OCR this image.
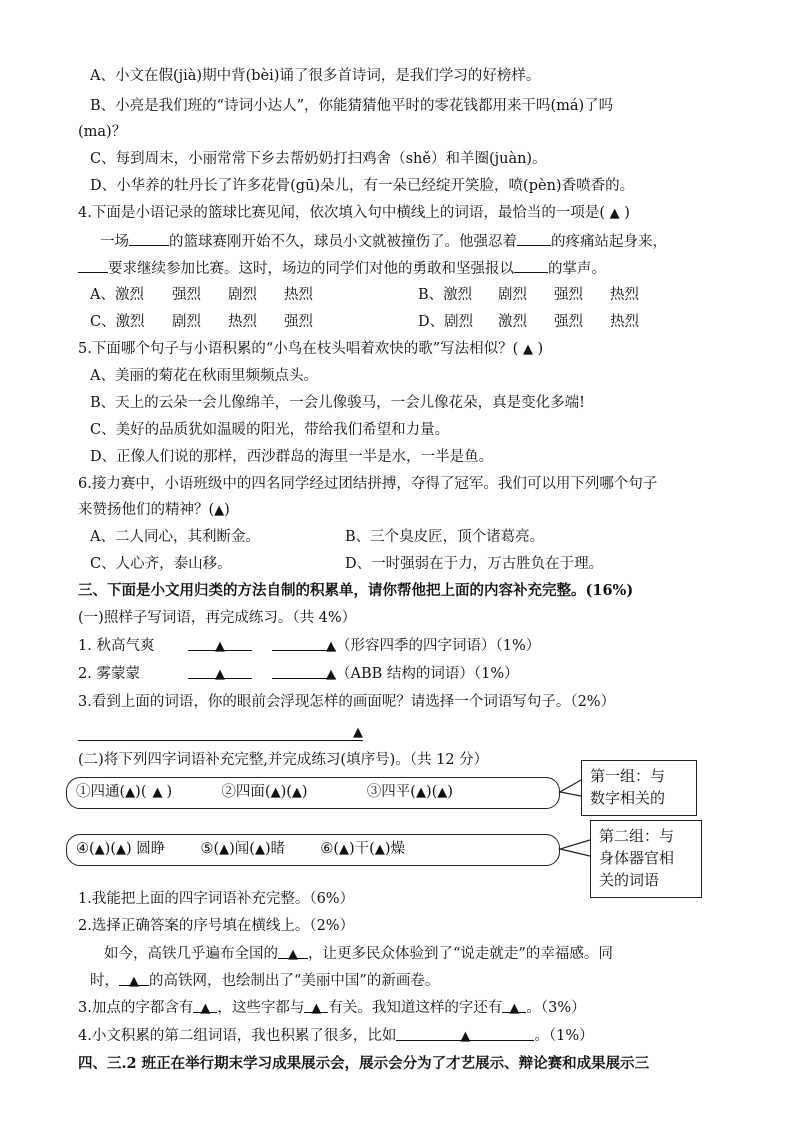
A、小文在假(jià)期中背(bèi)诵了很多首诗词，是我们学习的好榜样。
B、小亮是我们班的“诗词小达人”，你能猜猜他平时的零花钱都用来干吗(má)了吗
(ma)？
C、每到周末，小丽常常下乡去帮奶奶打扫鸡舍（shě）和羊圈(juàn)。
D、小华养的牡丹长了许多花骨(gū)朵儿，有一朵已经绽开笑脸，喷(pèn)香喷香的。
4.下面是小语记录的篮球比赛见闻，依次填入句中横线上的词语，最恰当的一项是( ▲ )
一场	的篮球赛刚开始不久，球员小文就被撞伤了。他强忍着 的疼痛站起身来，
要求继续参加比赛。这时，场边的同学们对他的勇敢和坚强报以 的掌声。
A、激烈 强烈 剧烈 热烈	B、激烈 剧烈 强烈 热烈
C、激烈 剧烈 热烈 强烈	D、剧烈 激烈 强烈 热烈
5.下面哪个句子与小语积累的“小鸟在枝头唱着欢快的歌”写法相似？( ▲ )
A、美丽的菊花在秋雨里频频点头。
B、天上的云朵一会儿像绵羊，一会儿像骏马，一会儿像花朵，真是变化多端!
C、美好的品质犹如温暖的阳光，带给我们希望和力量。
D、正像人们说的那样，西沙群岛的海里一半是水，一半是鱼。
6.接力赛中，小语班级中的四名同学经过团结拼搏，夺得了冠军。我们可以用下列哪个句子
来赞扬他们的精神？(▲)
A、二人同心，其利断金。	B、三个臭皮匠，顶个诸葛亮。
C、人心齐，泰山移。	D、一时强弱在于力，万古胜负在于理。
三、下面是小文用归类的方法自制的积累单，请你帮他把上面的内容补充完整。(16%)
(一)照样子写词语，再完成练习。（共 4%）
1. 秋高气爽	▲	▲（形容四季的四字词语）（1%）
2. 雾蒙蒙	▲	▲（ABB 结构的词语）（1%）
3.看到上面的词语，你的眼前会浮现怎样的画面呢？请选择一个词语写句子。（2%）
▲
(二)将下列四字词语补充完整,并完成练习(填序号)。（共 12 分）
①四通(▲)( ▲ )	②四面(▲)(▲)	③四平(▲)(▲)
第一组：与
数字相关的
④(▲)(▲) 圆睁 ⑤(▲)闻(▲)睹 ⑥(▲)干(▲)燥
第二组：与
身体器官相
关的词语
1.我能把上面的四字词语补充完整。（6%）
2.选择正确答案的序号填在横线上。（2%）
如今，高铁几乎遍布全国的 ▲ ，让更多民众体验到了“说走就走”的幸福感。同
时， ▲ 的高铁网，也绘制出了“美丽中国”的新画卷。
3.加点的字都含有 ▲ ，这些字都与 ▲ 有关。我知道这样的字还有 ▲ 。（3%）
4.小文积累的第二组词语，我也积累了很多，比如	▲	。（1%）
四、三.2 班正在举行期末学习成果展示会，展示会分为了才艺展示、辩论赛和成果展示三
